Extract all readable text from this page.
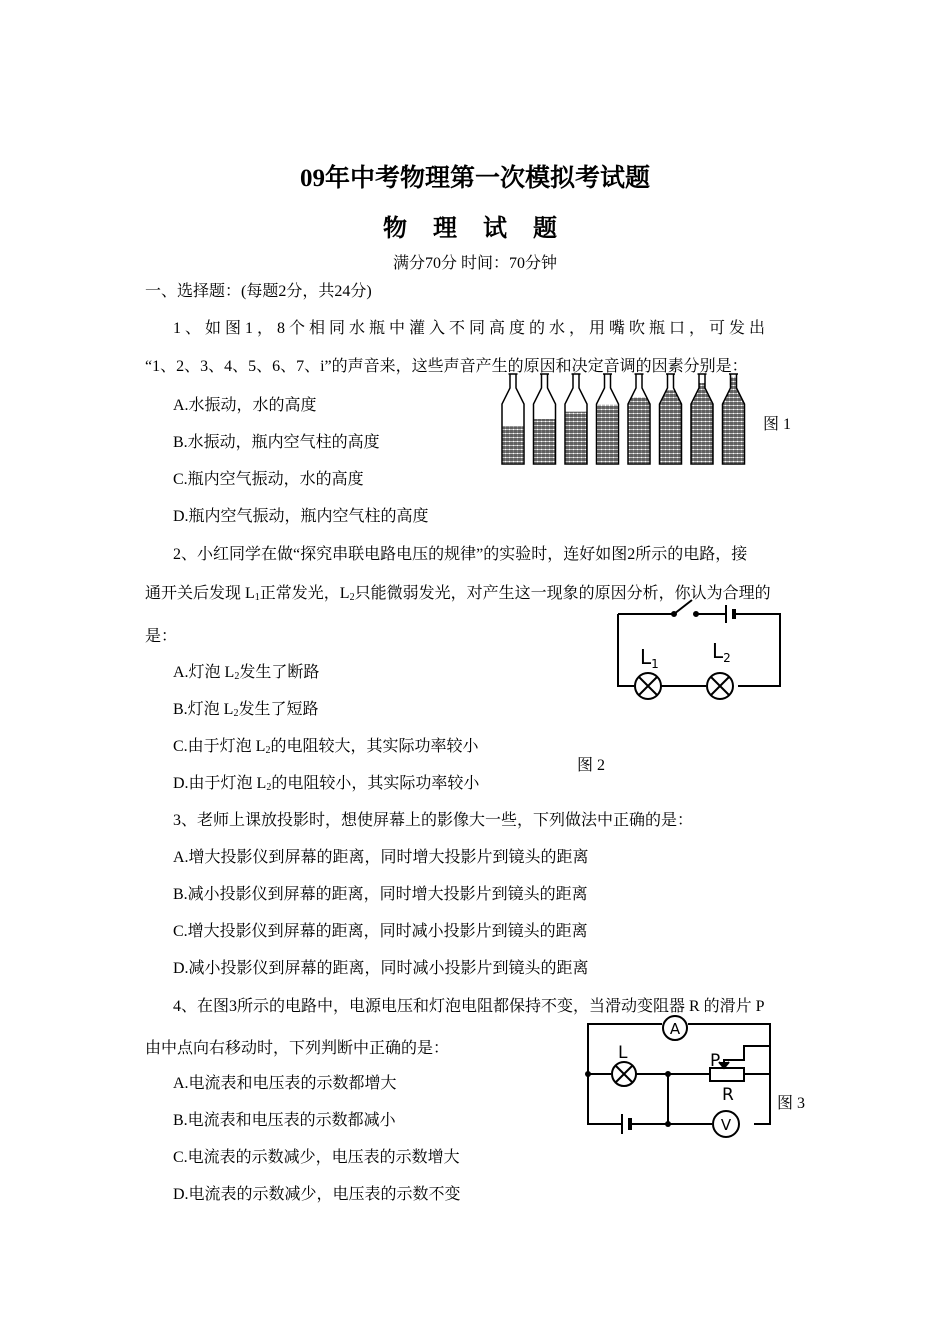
09年中考物理第一次模拟考试题
物 理 试 题
满分70分 时间：70分钟
一、选择题：(每题2分，共24分)
1 、 如 图 1 ， 8 个 相 同 水 瓶 中 灌 入 不 同 高 度 的 水 ， 用 嘴 吹 瓶 口 ， 可 发 出
“1、2、3、4、5、6、7、i”的声音来，这些声音产生的原因和决定音调的因素分别是：
A.水振动，水的高度
B.水振动，瓶内空气柱的高度
C.瓶内空气振动，水的高度
D.瓶内空气振动，瓶内空气柱的高度
图 1
2、小红同学在做“探究串联电路电压的规律”的实验时，连好如图2所示的电路，接
通开关后发现 $L_1$正常发光，$L_2$只能微弱发光，对产生这一现象的原因分析，你认为合理的
是：
A.灯泡 $L_2$发生了断路
B.灯泡 $L_2$发生了短路
C.由于灯泡 $L_2$的电阻较大，其实际功率较小
D.由于灯泡 $L_2$的电阻较小，其实际功率较小
$L_1$
$L_2$
图 2
3、老师上课放投影时，想使屏幕上的影像大一些，下列做法中正确的是：
A.增大投影仪到屏幕的距离，同时增大投影片到镜头的距离
B.减小投影仪到屏幕的距离，同时增大投影片到镜头的距离
C.增大投影仪到屏幕的距离，同时减小投影片到镜头的距离
D.减小投影仪到屏幕的距离，同时减小投影片到镜头的距离
4、在图3所示的电路中，电源电压和灯泡电阻都保持不变，当滑动变阻器 R 的滑片 P
由中点向右移动时，下列判断中正确的是：
A.电流表和电压表的示数都增大
B.电流表和电压表的示数都减小
C.电流表的示数减少，电压表的示数增大
D.电流表的示数减少，电压表的示数不变
A
V
L	P
R	图 3
